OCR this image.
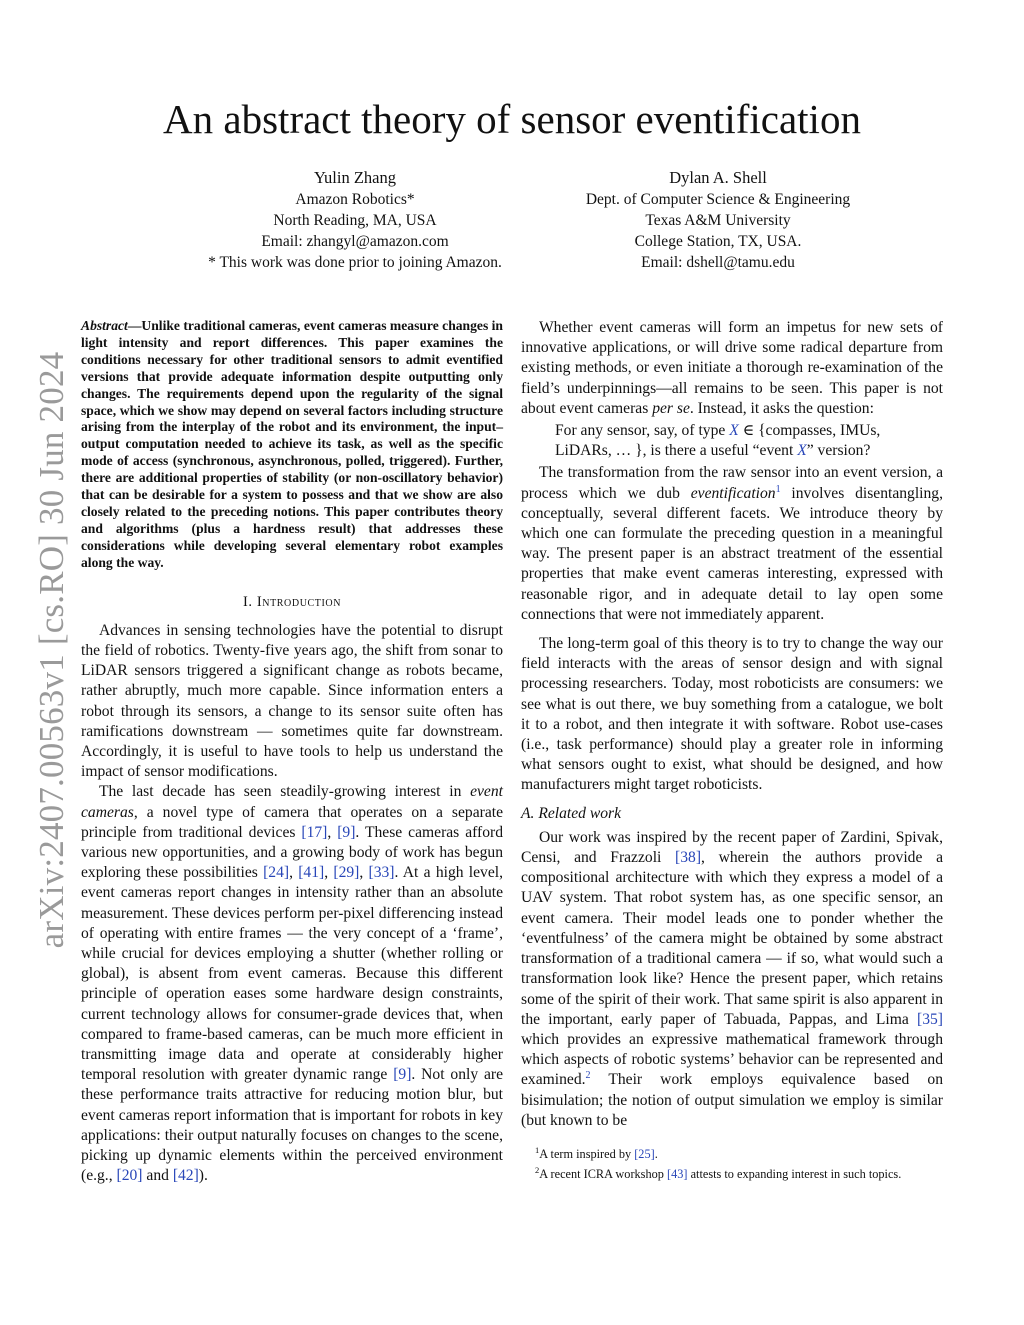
arXiv:2407.00563v1 [cs.RO] 30 Jun 2024
An abstract theory of sensor eventification
Yulin Zhang
Amazon Robotics*
North Reading, MA, USA
Email: zhangyl@amazon.com
* This work was done prior to joining Amazon.
Dylan A. Shell
Dept. of Computer Science & Engineering
Texas A&M University
College Station, TX, USA.
Email: dshell@tamu.edu

Abstract—Unlike traditional cameras, event cameras measure changes in light intensity and report differences. This paper examines the conditions necessary for other traditional sensors to admit eventified versions that provide adequate information despite outputting only changes. The requirements depend upon the regularity of the signal space, which we show may depend on several factors including structure arising from the interplay of the robot and its environment, the input–output computation needed to achieve its task, as well as the specific mode of access (synchronous, asynchronous, polled, triggered). Further, there are additional properties of stability (or non-oscillatory behavior) that can be desirable for a system to possess and that we show are also closely related to the preceding notions. This paper contributes theory and algorithms (plus a hardness result) that addresses these considerations while developing several elementary robot examples along the way.

I. Introduction

Advances in sensing technologies have the potential to disrupt the field of robotics. Twenty-five years ago, the shift from sonar to LiDAR sensors triggered a significant change as robots became, rather abruptly, much more capable. Since information enters a robot through its sensors, a change to its sensor suite often has ramifications downstream — sometimes quite far downstream. Accordingly, it is useful to have tools to help us understand the impact of sensor modifications.

The last decade has seen steadily-growing interest in event cameras, a novel type of camera that operates on a separate principle from traditional devices [17], [9]. These cameras afford various new opportunities, and a growing body of work has begun exploring these possibilities [24], [41], [29], [33]. At a high level, event cameras report changes in intensity rather than an absolute measurement. These devices perform per-pixel differencing instead of operating with entire frames — the very concept of a ‘frame’, while crucial for devices employing a shutter (whether rolling or global), is absent from event cameras. Because this different principle of operation eases some hardware design constraints, current technology allows for consumer-grade devices that, when compared to frame-based cameras, can be much more efficient in transmitting image data and operate at considerably higher temporal resolution with greater dynamic range [9]. Not only are these performance traits attractive for reducing motion blur, but event cameras report information that is important for robots in key applications: their output naturally focuses on changes to the scene, picking up dynamic elements within the perceived environment (e.g., [20] and [42]).

Whether event cameras will form an impetus for new sets of innovative applications, or will drive some radical departure from existing methods, or even initiate a thorough re-examination of the field’s underpinnings—all remains to be seen. This paper is not about event cameras per se. Instead, it asks the question:

For any sensor, say, of type X ∈ {compasses, IMUs,
LiDARs, … }, is there a useful “event X” version?

The transformation from the raw sensor into an event version, a process which we dub eventification$^1$ involves disentangling, conceptually, several different facets. We introduce theory by which one can formulate the preceding question in a meaningful way. The present paper is an abstract treatment of the essential properties that make event cameras interesting, expressed with reasonable rigor, and in adequate detail to lay open some connections that were not immediately apparent.

The long-term goal of this theory is to try to change the way our field interacts with the areas of sensor design and with signal processing researchers. Today, most roboticists are consumers: we see what is out there, we buy something from a catalogue, we bolt it to a robot, and then integrate it with software. Robot use-cases (i.e., task performance) should play a greater role in informing what sensors ought to exist, what should be designed, and how manufacturers might target roboticists.

A. Related work

Our work was inspired by the recent paper of Zardini, Spivak, Censi, and Frazzoli [38], wherein the authors provide a compositional architecture with which they express a model of a UAV system. That robot system has, as one specific sensor, an event camera. Their model leads one to ponder whether the ‘eventfulness’ of the camera might be obtained by some abstract transformation of a traditional camera — if so, what would such a transformation look like? Hence the present paper, which retains some of the spirit of their work. That same spirit is also apparent in the important, early paper of Tabuada, Pappas, and Lima [35] which provides an expressive mathematical framework through which aspects of robotic systems’ behavior can be represented and examined.$^2$ Their work employs equivalence based on bisimulation; the notion of output simulation we employ is similar (but known to be

$^1$A term inspired by [25].

$^2$A recent ICRA workshop [43] attests to expanding interest in such topics.
